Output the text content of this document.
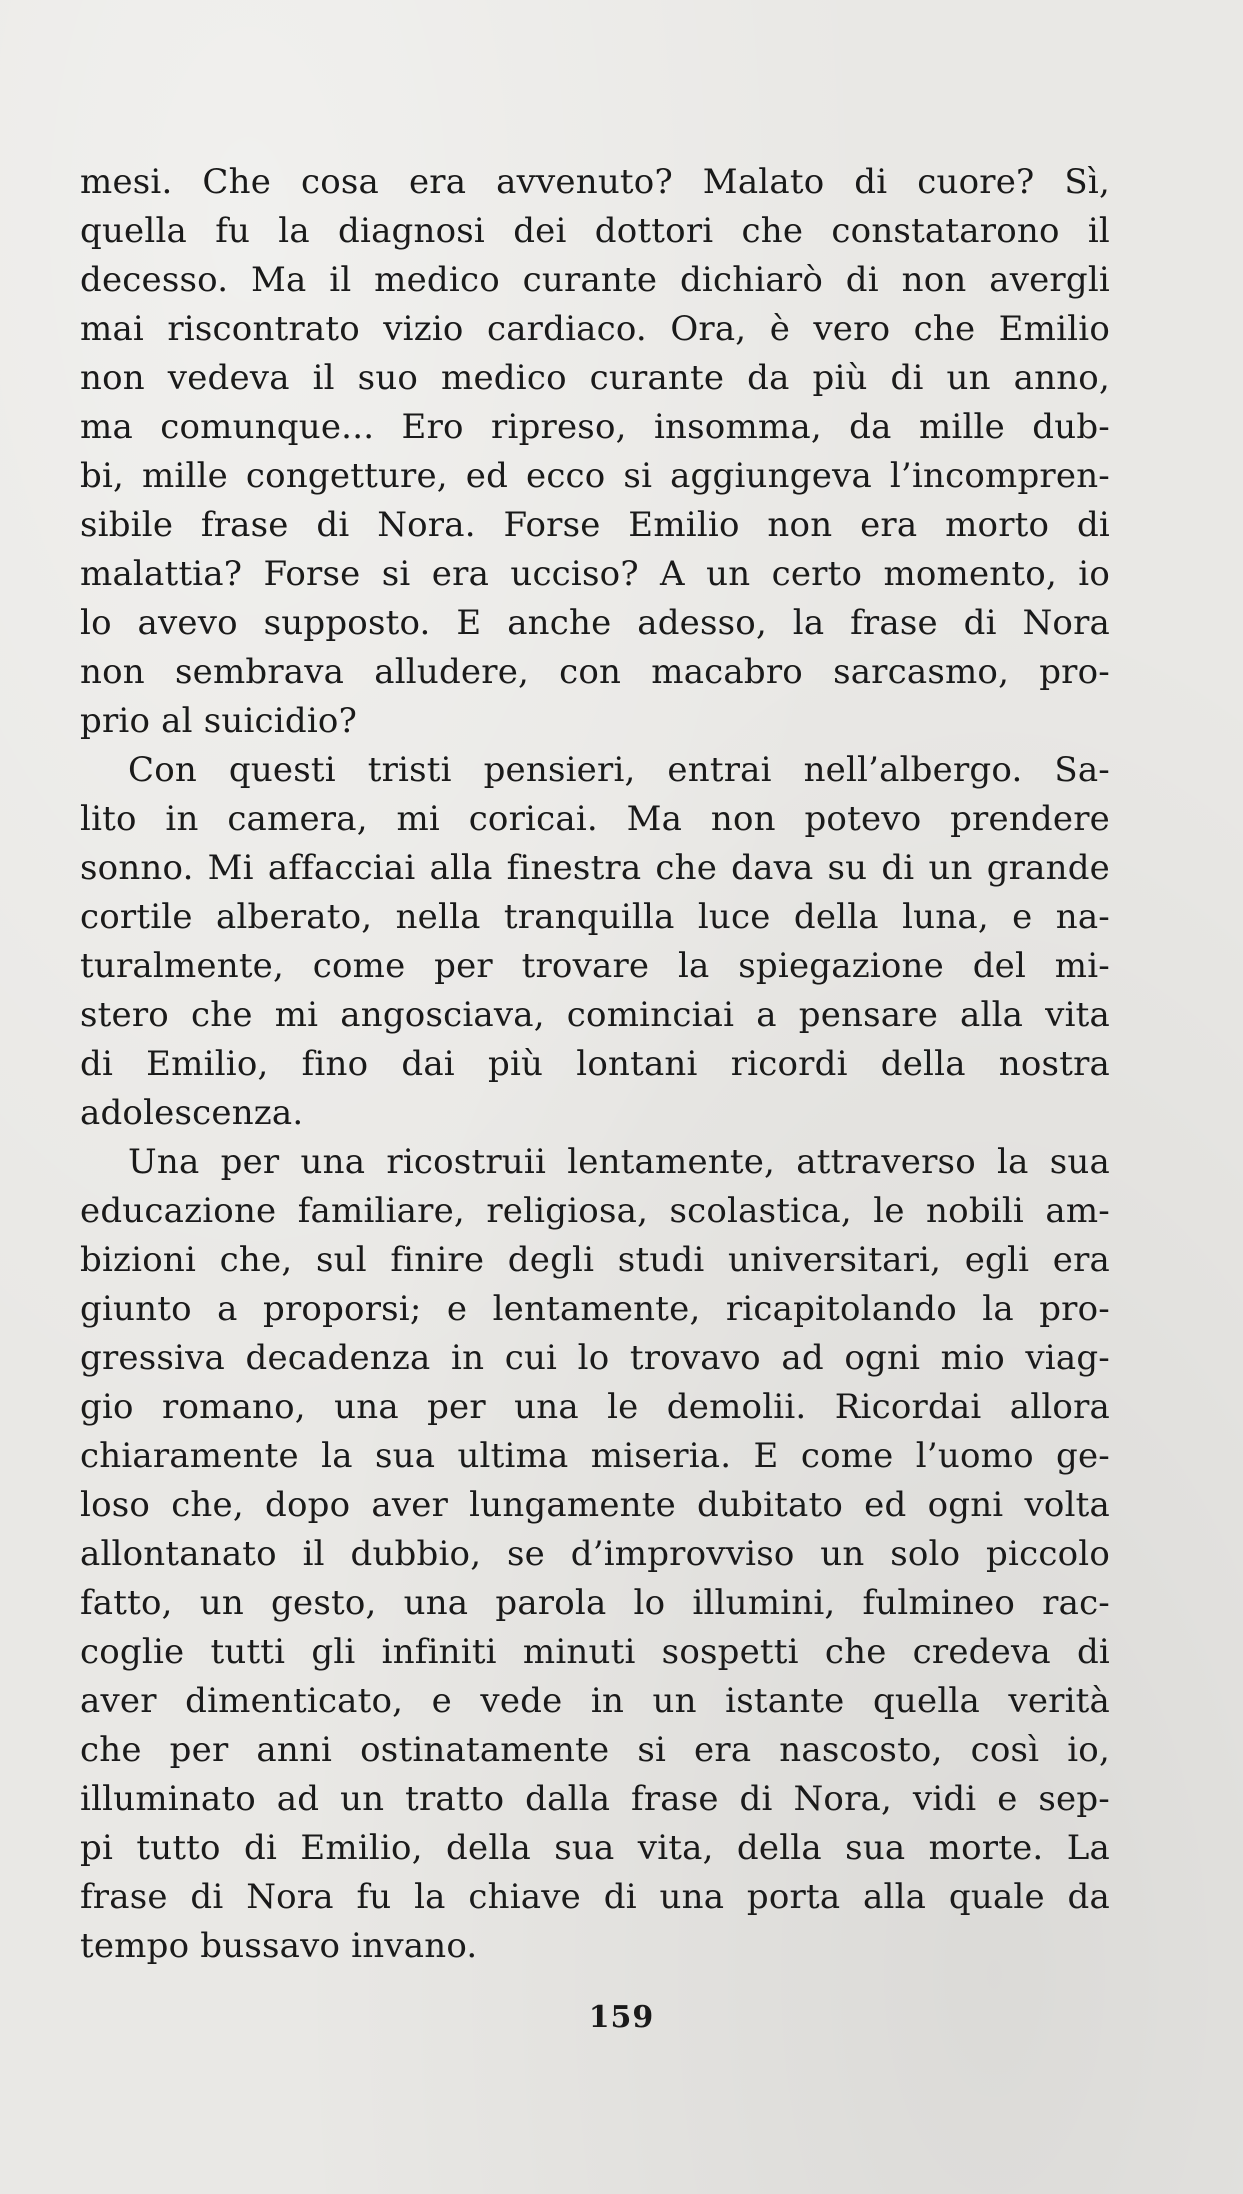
mesi. Che cosa era avvenuto? Malato di cuore? Sì,
quella fu la diagnosi dei dottori che constatarono il
decesso. Ma il medico curante dichiarò di non avergli
mai riscontrato vizio cardiaco. Ora, è vero che Emilio
non vedeva il suo medico curante da più di un anno,
ma comunque... Ero ripreso, insomma, da mille dub-
bi, mille congetture, ed ecco si aggiungeva l’incompren-
sibile frase di Nora. Forse Emilio non era morto di
malattia? Forse si era ucciso? A un certo momento, io
lo avevo supposto. E anche adesso, la frase di Nora
non sembrava alludere, con macabro sarcasmo, pro-
prio al suicidio?
Con questi tristi pensieri, entrai nell’albergo. Sa-
lito in camera, mi coricai. Ma non potevo prendere
sonno. Mi affacciai alla finestra che dava su di un grande
cortile alberato, nella tranquilla luce della luna, e na-
turalmente, come per trovare la spiegazione del mi-
stero che mi angosciava, cominciai a pensare alla vita
di Emilio, fino dai più lontani ricordi della nostra
adolescenza.
Una per una ricostruii lentamente, attraverso la sua
educazione familiare, religiosa, scolastica, le nobili am-
bizioni che, sul finire degli studi universitari, egli era
giunto a proporsi; e lentamente, ricapitolando la pro-
gressiva decadenza in cui lo trovavo ad ogni mio viag-
gio romano, una per una le demolii. Ricordai allora
chiaramente la sua ultima miseria. E come l’uomo ge-
loso che, dopo aver lungamente dubitato ed ogni volta
allontanato il dubbio, se d’improvviso un solo piccolo
fatto, un gesto, una parola lo illumini, fulmineo rac-
coglie tutti gli infiniti minuti sospetti che credeva di
aver dimenticato, e vede in un istante quella verità
che per anni ostinatamente si era nascosto, così io,
illuminato ad un tratto dalla frase di Nora, vidi e sep-
pi tutto di Emilio, della sua vita, della sua morte. La
frase di Nora fu la chiave di una porta alla quale da
tempo bussavo invano.
159
